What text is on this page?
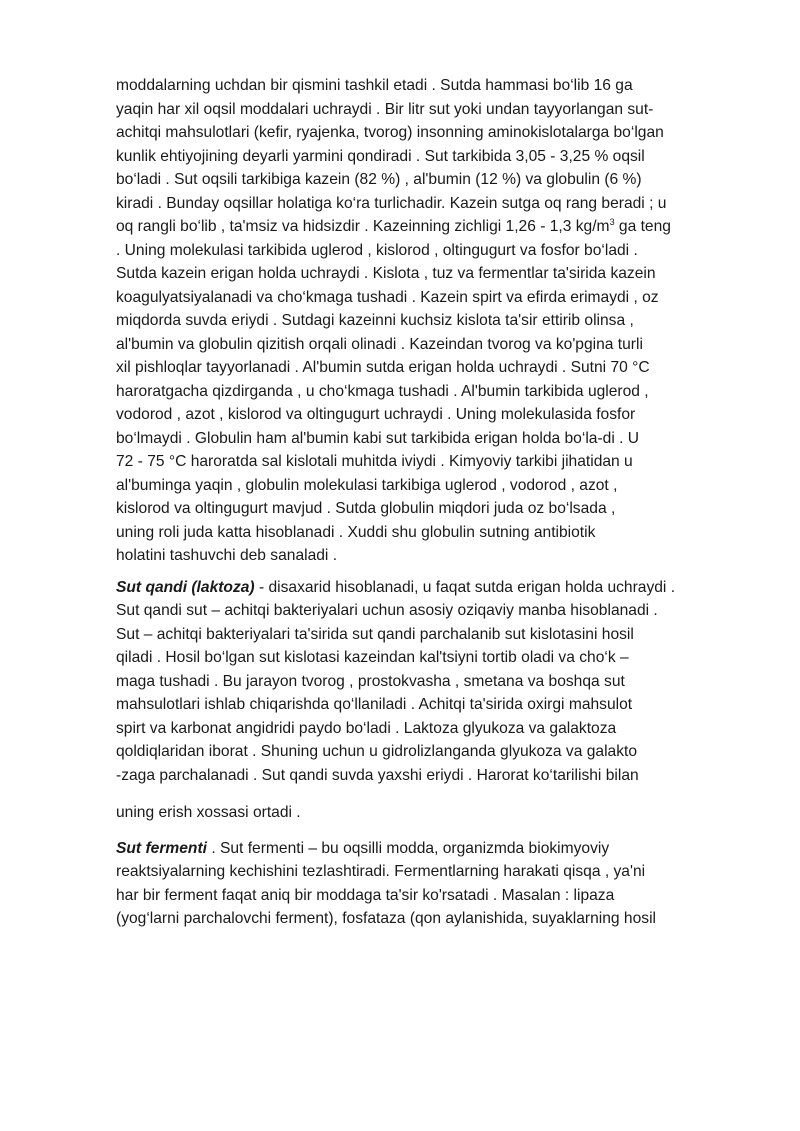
moddalarning uchdan bir qismini tashkil etadi . Sutda hammasi bo‘lib 16 ga
yaqin har xil oqsil moddalari uchraydi . Bir litr sut yoki undan tayyorlangan sut-
achitqi mahsulotlari (kefir, ryajenka, tvorog) insonning aminokislotalarga bo‘lgan
kunlik ehtiyojining deyarli yarmini qondiradi . Sut tarkibida 3,05 - 3,25 % oqsil
bo‘ladi . Sut oqsili tarkibiga kazein (82 %) , al'bumin (12 %) va globulin (6 %)
kiradi . Bunday oqsillar holatiga ko‘ra turlichadir. Kazein sutga oq rang beradi ; u
oq rangli bo‘lib , ta'msiz va hidsizdir . Kazeinning zichligi 1,26 - 1,3 $kg/m^3$ ga teng
. Uning molekulasi tarkibida uglerod , kislorod , oltingugurt va fosfor bo‘ladi .
Sutda kazein erigan holda uchraydi . Kislota , tuz va fermentlar ta'sirida kazein
koagulyatsiyalanadi va cho‘kmaga tushadi . Kazein spirt va efirda erimaydi , oz
miqdorda suvda eriydi . Sutdagi kazeinni kuchsiz kislota ta'sir ettirib olinsa ,
al'bumin va globulin qizitish orqali olinadi . Kazeindan tvorog va ko'pgina turli
xil pishloqlar tayyorlanadi . Al'bumin sutda erigan holda uchraydi . Sutni 70 °C
haroratgacha qizdirganda , u cho‘kmaga tushadi . Al'bumin tarkibida uglerod ,
vodorod , azot , kislorod va oltingugurt uchraydi . Uning molekulasida fosfor
bo‘lmaydi . Globulin ham al'bumin kabi sut tarkibida erigan holda bo‘la-di . U
72 - 75 °C haroratda sal kislotali muhitda iviydi . Kimyoviy tarkibi jihatidan u
al'buminga yaqin , globulin molekulasi tarkibiga uglerod , vodorod , azot ,
kislorod va oltingugurt mavjud . Sutda globulin miqdori juda oz bo‘lsada ,
uning roli juda katta hisoblanadi . Xuddi shu globulin sutning antibiotik
holatini tashuvchi deb sanaladi .

Sut qandi (laktoza) - disaxarid hisoblanadi, u faqat sutda erigan holda uchraydi .
Sut qandi sut – achitqi bakteriyalari uchun asosiy oziqaviy manba hisoblanadi .
Sut – achitqi bakteriyalari ta'sirida sut qandi parchalanib sut kislotasini hosil
qiladi . Hosil bo‘lgan sut kislotasi kazeindan kal'tsiyni tortib oladi va cho‘k –
maga tushadi . Bu jarayon tvorog , prostokvasha , smetana va boshqa sut
mahsulotlari ishlab chiqarishda qo‘llaniladi . Achitqi ta'sirida oxirgi mahsulot
spirt va karbonat angidridi paydo bo‘ladi . Laktoza glyukoza va galaktoza
qoldiqlaridan iborat . Shuning uchun u gidrolizlanganda glyukoza va galakto
-zaga parchalanadi . Sut qandi suvda yaxshi eriydi . Harorat ko‘tarilishi bilan

uning erish xossasi ortadi .

Sut fermenti . Sut fermenti – bu oqsilli modda, organizmda biokimyoviy
reaktsiyalarning kechishini tezlashtiradi. Fermentlarning harakati qisqa , ya'ni
har bir ferment faqat aniq bir moddaga ta'sir ko'rsatadi . Masalan : lipaza
(yog‘larni parchalovchi ferment), fosfataza (qon aylanishida, suyaklarning hosil
